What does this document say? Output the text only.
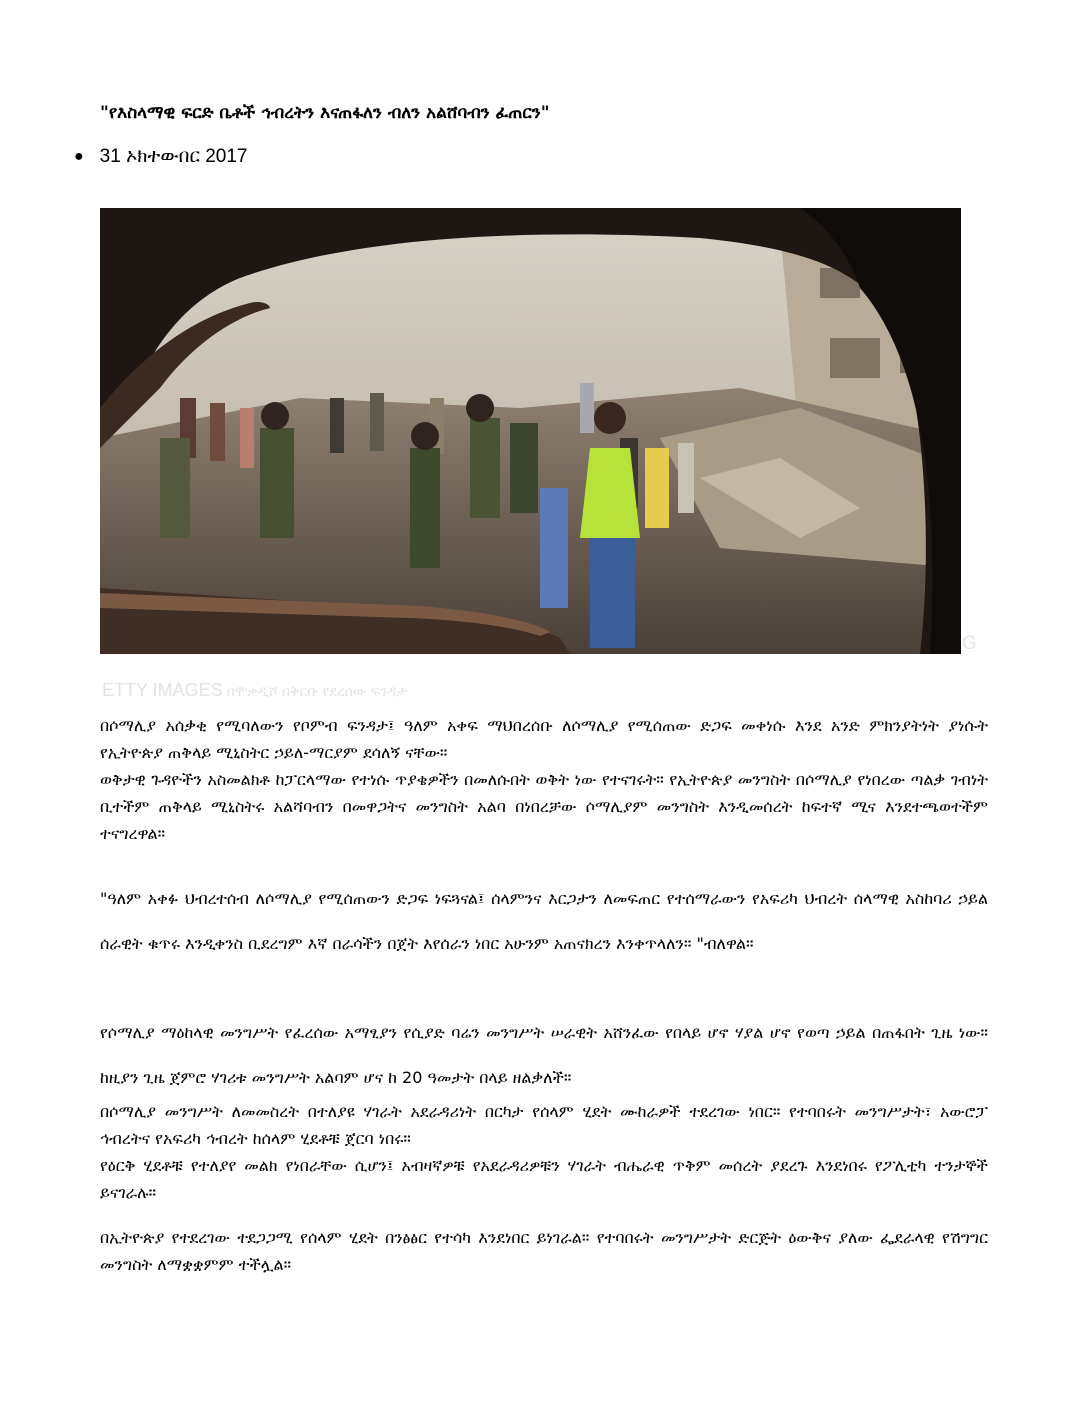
"የእስላማዊ ፍርድ ቤቶች ኅብረትን እናጠፋለን ብለን አልሸባብን ፈጠርን"
● 31 ኦክተውበር 2017
G
ETTY IMAGES በሞቃዲሾ በቅርቡ የደረሰው ፍንዳታ
በሶማሊያ አሰቃቂ የሚባለውን የቦምብ ፍንዳታ፤ ዓለም አቀፍ ማህበረሰቡ ለሶማሊያ የሚሰጠው ድጋፍ መቀነሱ እንደ አንድ ምክንያትነት ያነሱት የኢትዮጵያ ጠቅላይ ሚኒስትር ኃይለ-ማርያም ደሳለኝ ናቸው።
ወቅታዊ ጉዳዮችን አስመልክቶ ከፓርላማው የተነሱ ጥያቄዎችን በመለሱበት ወቅት ነው የተናገሩት። የኢትዮጵያ መንግስት በሶማሊያ የነበረው ጣልቃ ገብነት ቢተችም ጠቅላይ ሚኒስትሩ አልሻባብን በመዋጋትና መንግስት አልባ በነበረቻው ሶማሊያም መንግስት እንዲመሰረት ከፍተኛ ሚና እንደተጫወተችም ተናግረዋል።
"ዓለም አቀፉ ህብረተሰብ ለሶማሊያ የሚሰጠውን ድጋፍ ነፍጓናል፤ ሰላምንና እርጋታን ለመፍጠር የተሰማራውን የአፍሪካ ህብረት ሰላማዊ አስከባሪ ኃይል ሰራዊት ቁጥሩ እንዲቀንስ ቢደረግም እኛ በራሳችን በጀት እየሰራን ነበር አሁንም አጠናክረን እንቀጥላለን። "ብለዋል።
የሶማሊያ ማዕከላዊ መንግሥት የፈረሰው አማፂያን የሲያድ ባሬን መንግሥት ሠራዊት አሸንፈው የበላይ ሆኖ ሃያል ሆኖ የወጣ ኃይል በጠፋበት ጊዜ ነው። ከዚያን ጊዜ ጀምሮ ሃገሪቱ መንግሥት አልባም ሆና ከ 20 ዓመታት በላይ ዘልቃለች።
በሶማሊያ መንግሥት ለመመስረት በተለያዩ ሃገራት አደራዳሪነት በርካታ የሰላም ሂደት ሙከራዎች ተደረገው ነበር። የተባበሩት መንግሥታት፣ አውሮፓ ኅብረትና የአፍሪካ ኅብረት ከሰላም ሂደቶቹ ጀርባ ነበሩ።
የዕርቅ ሂደቶቹ የተለያየ መልክ የነበራቸው ሲሆን፤ አብዛኛዎቹ የአደራዳሪዎቹን ሃገራት ብሔራዊ ጥቅም መሰረት ያደረጉ እንደነበሩ የፖሊቲካ ተንታኞች ይናገራሉ።
በኢትዮጵያ የተደረገው ተደጋጋሚ የሰላም ሂደት በንፅፅር የተሳካ እንደነበር ይነገራል። የተባበሩት መንግሥታት ድርጅት ዕውቅና ያለው ፌደራላዊ የሽግግር መንግስት ለማቋቋምም ተችሏል።
